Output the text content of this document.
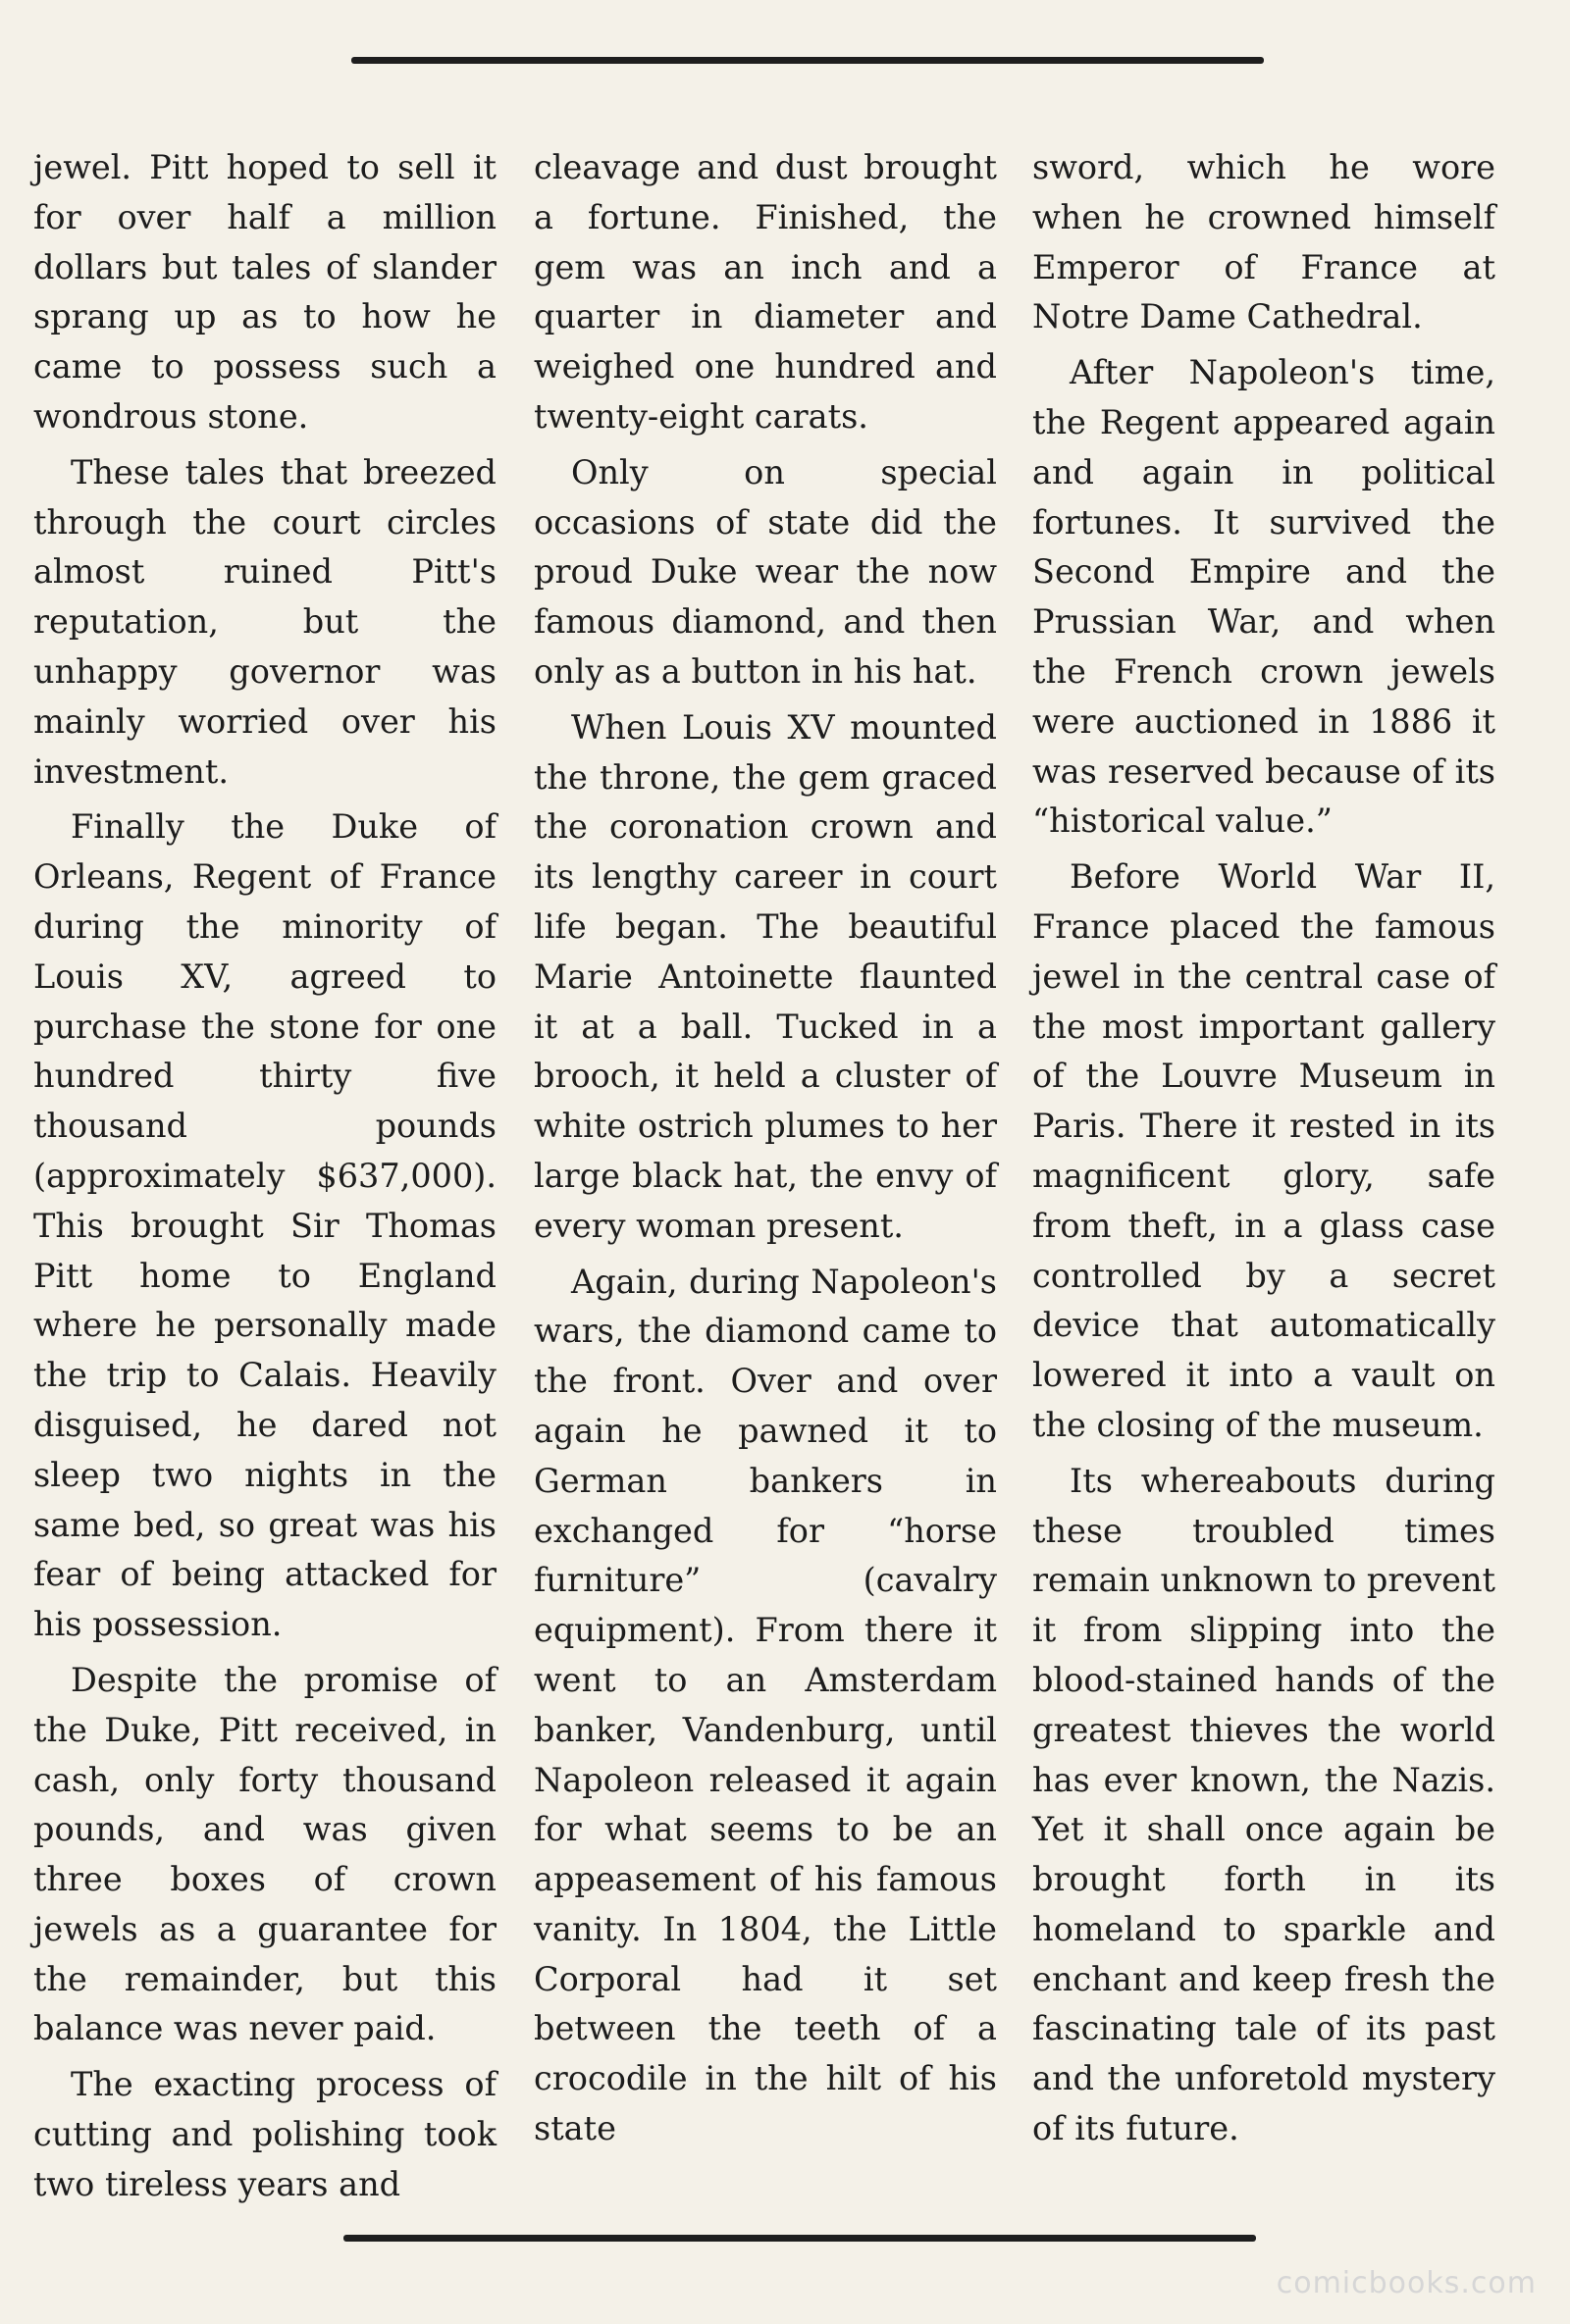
jewel. Pitt hoped to sell it for over half a million dollars but tales of slander sprang up as to how he came to possess such a wondrous stone.

These tales that breezed through the court circles almost ruined Pitt's reputation, but the unhappy governor was mainly worried over his investment.

Finally the Duke of Orleans, Regent of France during the minority of Louis XV, agreed to purchase the stone for one hundred thirty five thousand pounds (approximately $637,000). This brought Sir Thomas Pitt home to England where he personally made the trip to Calais. Heavily disguised, he dared not sleep two nights in the same bed, so great was his fear of being attacked for his possession.

Despite the promise of the Duke, Pitt received, in cash, only forty thousand pounds, and was given three boxes of crown jewels as a guarantee for the remainder, but this balance was never paid.

The exacting process of cutting and polishing took two tireless years and

cleavage and dust brought a fortune. Finished, the gem was an inch and a quarter in diameter and weighed one hundred and twenty-eight carats.

Only on special occasions of state did the proud Duke wear the now famous diamond, and then only as a button in his hat.

When Louis XV mounted the throne, the gem graced the coronation crown and its lengthy career in court life began. The beautiful Marie Antoinette flaunted it at a ball. Tucked in a brooch, it held a cluster of white ostrich plumes to her large black hat, the envy of every woman present.

Again, during Napoleon's wars, the diamond came to the front. Over and over again he pawned it to German bankers in exchanged for “horse furniture” (cavalry equipment). From there it went to an Amsterdam banker, Vandenburg, until Napoleon released it again for what seems to be an appeasement of his famous vanity. In 1804, the Little Corporal had it set between the teeth of a crocodile in the hilt of his state

sword, which he wore when he crowned himself Emperor of France at Notre Dame Cathedral.

After Napoleon's time, the Regent appeared again and again in political fortunes. It survived the Second Empire and the Prussian War, and when the French crown jewels were auctioned in 1886 it was reserved because of its “historical value.”

Before World War II, France placed the famous jewel in the central case of the most important gallery of the Louvre Museum in Paris. There it rested in its magnificent glory, safe from theft, in a glass case controlled by a secret device that automatically lowered it into a vault on the closing of the museum.

Its whereabouts during these troubled times remain unknown to prevent it from slipping into the blood-stained hands of the greatest thieves the world has ever known, the Nazis. Yet it shall once again be brought forth in its homeland to sparkle and enchant and keep fresh the fascinating tale of its past and the unforetold mystery of its future.

comicbooks.com
